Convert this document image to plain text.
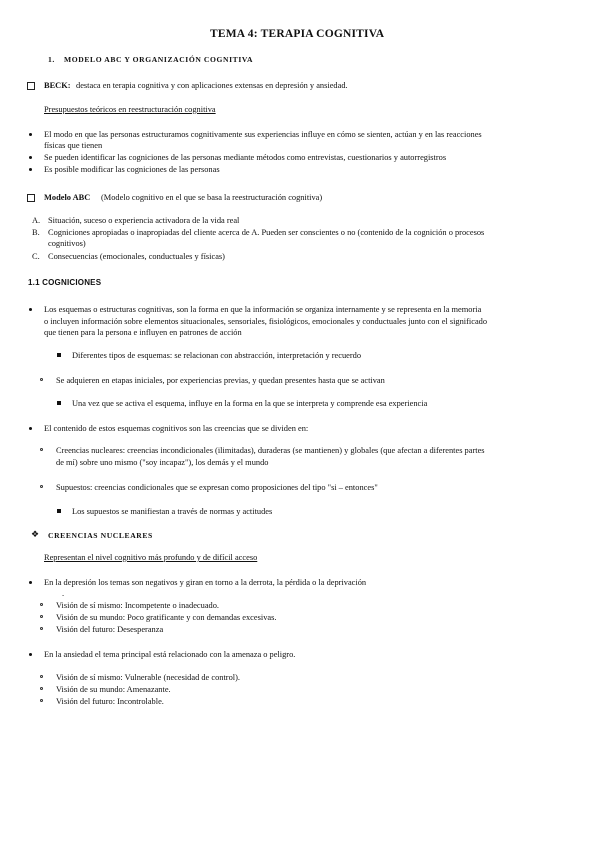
TEMA 4: TERAPIA COGNITIVA
1. MODELO ABC Y ORGANIZACIÓN COGNITIVA
BECK: destaca en terapia cognitiva y con aplicaciones extensas en depresión y ansiedad.
Presupuestos teóricos en reestructuración cognitiva
El modo en que las personas estructuramos cognitivamente sus experiencias influye en cómo se sienten, actúan y en las reacciones
físicas que tienen
Se pueden identificar las cogniciones de las personas mediante métodos como entrevistas, cuestionarios y autorregistros
Es posible modificar las cogniciones de las personas
Modelo ABC (Modelo cognitivo en el que se basa la reestructuración cognitiva)
A. Situación, suceso o experiencia activadora de la vida real
B. Cogniciones apropiadas o inapropiadas del cliente acerca de A. Pueden ser conscientes o no (contenido de la cognición o procesos
cognitivos)
C. Consecuencias (emocionales, conductuales y físicas)
1.1 COGNICIONES
Los esquemas o estructuras cognitivas, son la forma en que la información se organiza internamente y se representa en la memoria
o incluyen información sobre elementos situacionales, sensoriales, fisiológicos, emocionales y conductuales junto con el significado
que tienen para la persona e influyen en patrones de acción
Diferentes tipos de esquemas: se relacionan con abstracción, interpretación y recuerdo
Se adquieren en etapas iniciales, por experiencias previas, y quedan presentes hasta que se activan
Una vez que se activa el esquema, influye en la forma en la que se interpreta y comprende esa experiencia
El contenido de estos esquemas cognitivos son las creencias que se dividen en:
Creencias nucleares: creencias incondicionales (ilimitadas), duraderas (se mantienen) y globales (que afectan a diferentes partes
de mí) sobre uno mismo ("soy incapaz"), los demás y el mundo
Supuestos: creencias condicionales que se expresan como proposiciones del tipo "si – entonces"
Los supuestos se manifiestan a través de normas y actitudes
❖ CREENCIAS NUCLEARES
Representan el nivel cognitivo más profundo y de difícil acceso
En la depresión los temas son negativos y giran en torno a la derrota, la pérdida o la deprivación
.
Visión de sí mismo: Incompetente o inadecuado.
Visión de su mundo: Poco gratificante y con demandas excesivas.
Visión del futuro: Desesperanza
En la ansiedad el tema principal está relacionado con la amenaza o peligro.
Visión de sí mismo: Vulnerable (necesidad de control).
Visión de su mundo: Amenazante.
Visión del futuro: Incontrolable.
